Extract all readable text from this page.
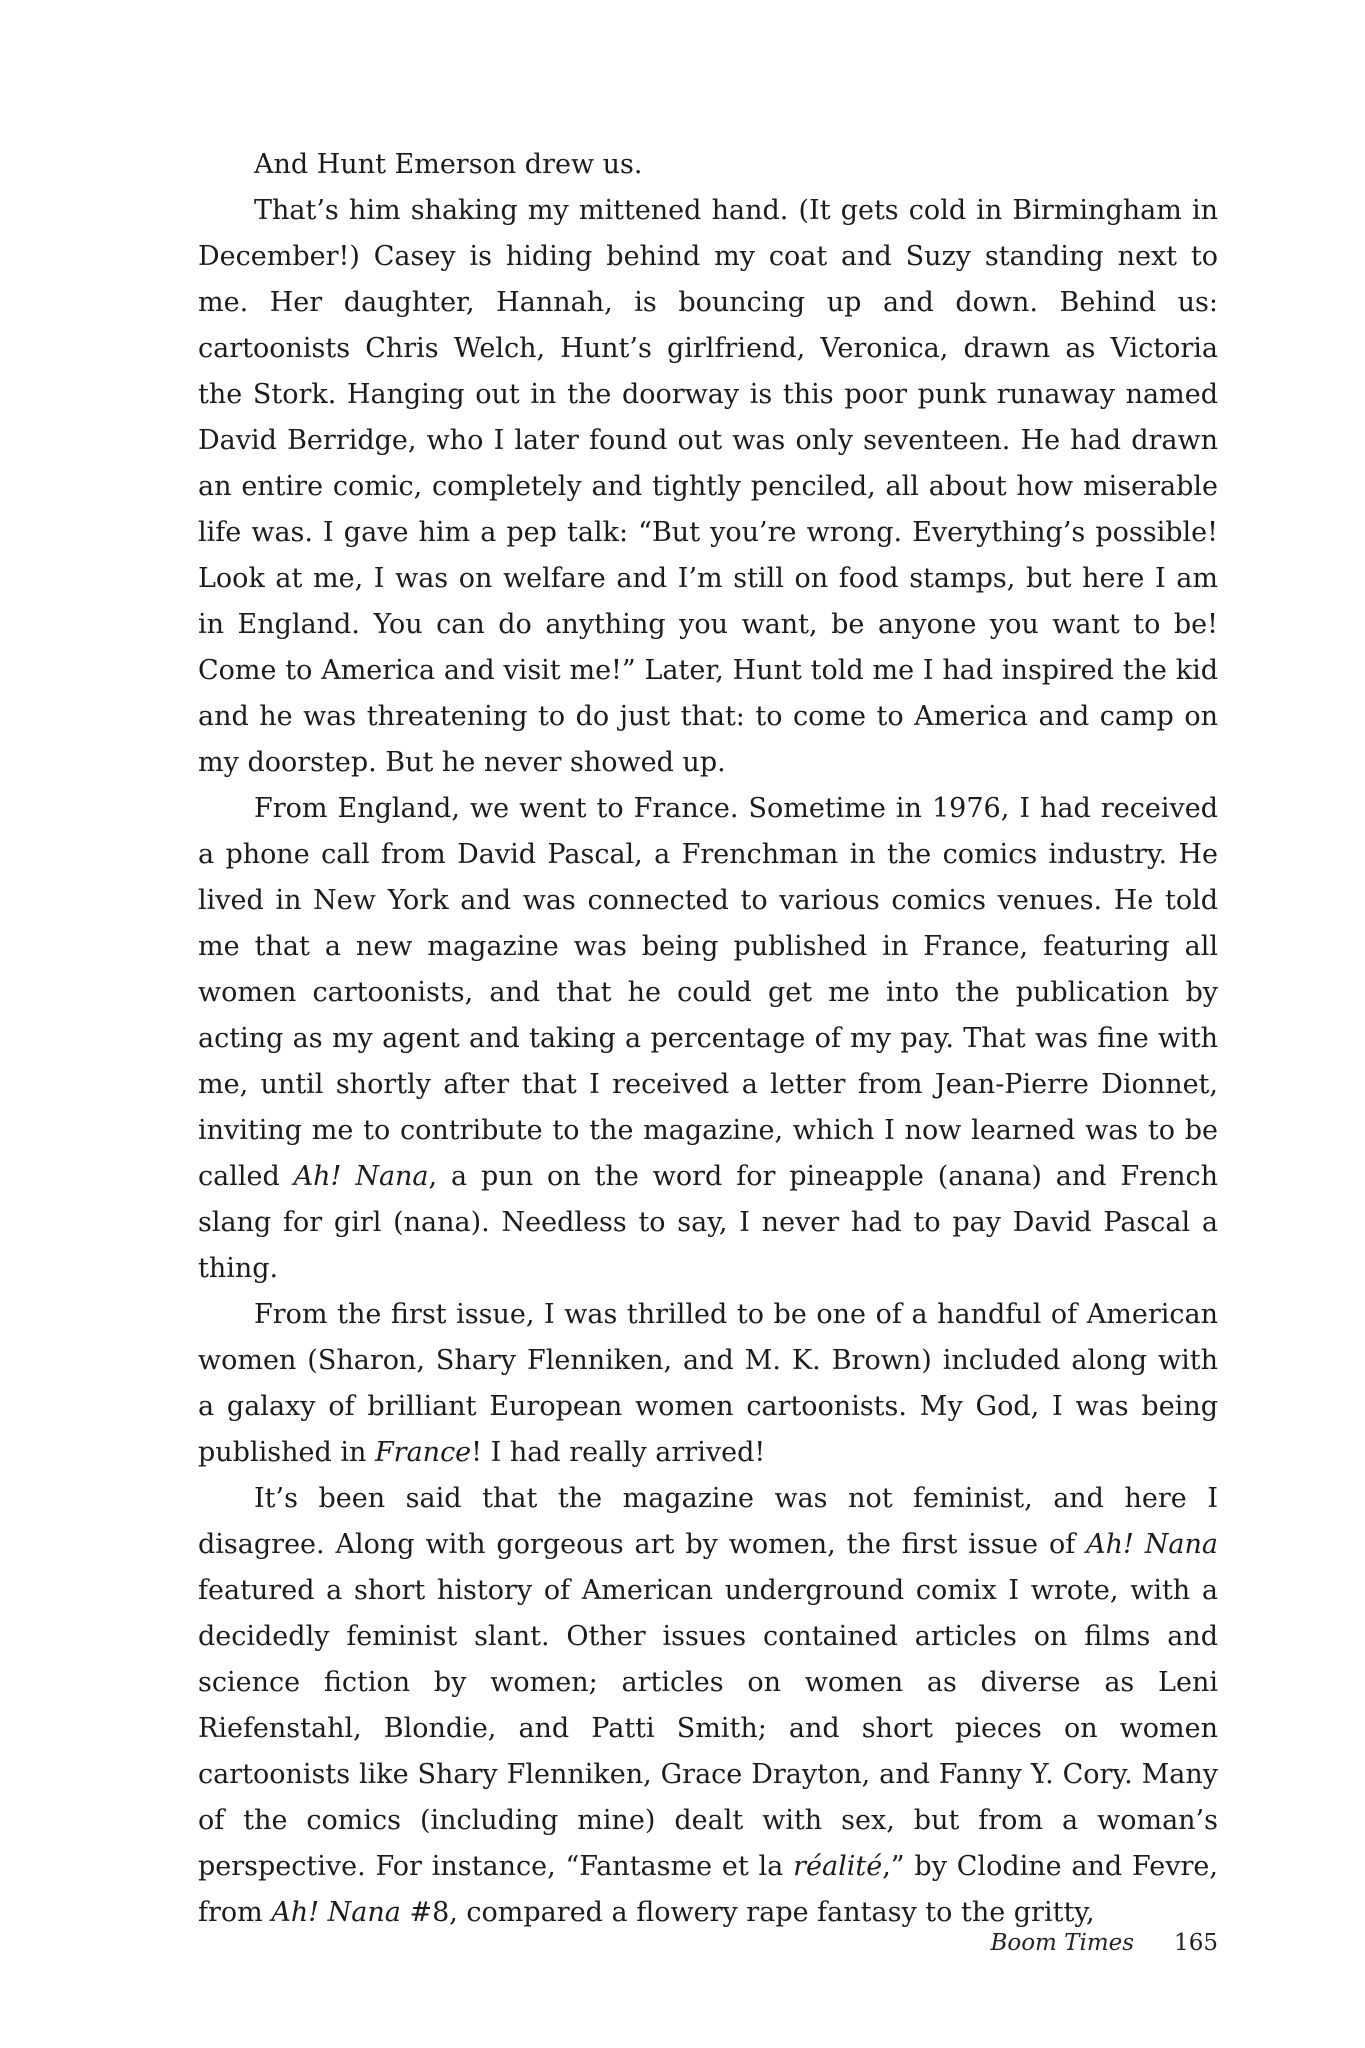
And Hunt Emerson drew us.

That’s him shaking my mittened hand. (It gets cold in Birmingham in December!) Casey is hiding behind my coat and Suzy standing next to me. Her daughter, Hannah, is bouncing up and down. Behind us: cartoonists Chris Welch, Hunt’s girlfriend, Veronica, drawn as Victoria the Stork. Hanging out in the doorway is this poor punk runaway named David Berridge, who I later found out was only seventeen. He had drawn an entire comic, completely and tightly penciled, all about how miserable life was. I gave him a pep talk: “But you’re wrong. Everything’s possible! Look at me, I was on welfare and I’m still on food stamps, but here I am in England. You can do anything you want, be anyone you want to be! Come to America and visit me!” Later, Hunt told me I had inspired the kid and he was threatening to do just that: to come to America and camp on my doorstep. But he never showed up.

From England, we went to France. Sometime in 1976, I had received a phone call from David Pascal, a Frenchman in the comics industry. He lived in New York and was connected to various comics venues. He told me that a new magazine was being published in France, featuring all women cartoonists, and that he could get me into the publication by acting as my agent and taking a percentage of my pay. That was fine with me, until shortly after that I received a letter from Jean-Pierre Dionnet, inviting me to contribute to the magazine, which I now learned was to be called Ah! Nana, a pun on the word for pineapple (anana) and French slang for girl (nana). Needless to say, I never had to pay David Pascal a thing.

From the first issue, I was thrilled to be one of a handful of American women (Sharon, Shary Flenniken, and M. K. Brown) included along with a galaxy of brilliant European women cartoonists. My God, I was being published in France! I had really arrived!

It’s been said that the magazine was not feminist, and here I disagree. Along with gorgeous art by women, the first issue of Ah! Nana featured a short history of American underground comix I wrote, with a decidedly feminist slant. Other issues contained articles on films and science fiction by women; articles on women as diverse as Leni Riefenstahl, Blondie, and Patti Smith; and short pieces on women cartoonists like Shary Flenniken, Grace Drayton, and Fanny Y. Cory. Many of the comics (including mine) dealt with sex, but from a woman’s perspective. For instance, “Fantasme et la réalité,” by Clodine and Fevre, from Ah! Nana #8, compared a flowery rape fantasy to the gritty,

Boom Times 165
